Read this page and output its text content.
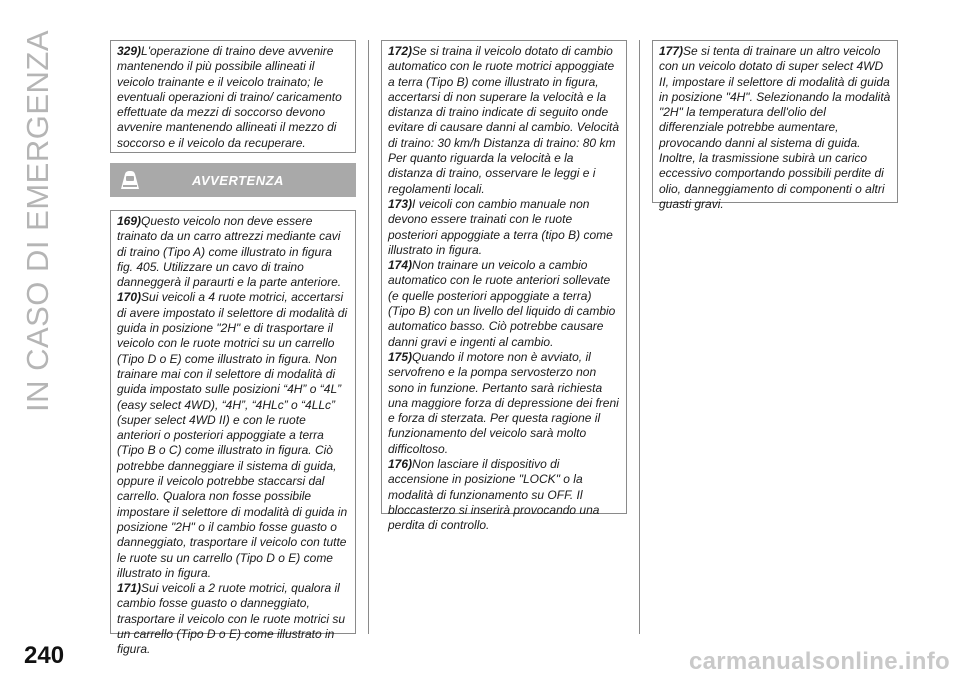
IN CASO DI EMERGENZA	329)L'operazione di traino deve avvenire mantenendo il più possibile allineati il veicolo trainante e il veicolo trainato; le eventuali operazioni di traino/ caricamento effettuate da mezzi di soccorso devono avvenire mantenendo allineati il mezzo di soccorso e il veicolo da recuperare.

AVVERTENZA

169)Questo veicolo non deve essere trainato da un carro attrezzi mediante cavi di traino (Tipo A) come illustrato in figura fig. 405. Utilizzare un cavo di traino danneggerà il paraurti e la parte anteriore.

170)Sui veicoli a 4 ruote motrici, accertarsi di avere impostato il selettore di modalità di guida in posizione "2H" e di trasportare il veicolo con le ruote motrici su un carrello (Tipo D o E) come illustrato in figura. Non trainare mai con il selettore di modalità di guida impostato sulle posizioni “4H” o “4L” (easy select 4WD), “4H”, “4HLc” o “4LLc” (super select 4WD II) e con le ruote anteriori o posteriori appoggiate a terra (Tipo B o C) come illustrato in figura. Ciò potrebbe danneggiare il sistema di guida, oppure il veicolo potrebbe staccarsi dal carrello. Qualora non fosse possibile impostare il selettore di modalità di guida in posizione "2H" o il cambio fosse guasto o danneggiato, trasportare il veicolo con tutte le ruote su un carrello (Tipo D o E) come illustrato in figura.

171)Sui veicoli a 2 ruote motrici, qualora il cambio fosse guasto o danneggiato, trasportare il veicolo con le ruote motrici su un carrello (Tipo D o E) come illustrato in figura.

172)Se si traina il veicolo dotato di cambio automatico con le ruote motrici appoggiate a terra (Tipo B) come illustrato in figura, accertarsi di non superare la velocità e la distanza di traino indicate di seguito onde evitare di causare danni al cambio. Velocità di traino: 30 km/h Distanza di traino: 80 km Per quanto riguarda la velocità e la distanza di traino, osservare le leggi e i regolamenti locali.

173)I veicoli con cambio manuale non devono essere trainati con le ruote posteriori appoggiate a terra (tipo B) come illustrato in figura.

174)Non trainare un veicolo a cambio automatico con le ruote anteriori sollevate (e quelle posteriori appoggiate a terra) (Tipo B) con un livello del liquido di cambio automatico basso. Ciò potrebbe causare danni gravi e ingenti al cambio.

175)Quando il motore non è avviato, il servofreno e la pompa servosterzo non sono in funzione. Pertanto sarà richiesta una maggiore forza di depressione dei freni e forza di sterzata. Per questa ragione il funzionamento del veicolo sarà molto difficoltoso.

176)Non lasciare il dispositivo di accensione in posizione "LOCK" o la modalità di funzionamento su OFF. Il bloccasterzo si inserirà provocando una perdita di controllo.

177)Se si tenta di trainare un altro veicolo con un veicolo dotato di super select 4WD II, impostare il selettore di modalità di guida in posizione "4H". Selezionando la modalità "2H" la temperatura dell'olio del differenziale potrebbe aumentare, provocando danni al sistema di guida. Inoltre, la trasmissione subirà un carico eccessivo comportando possibili perdite di olio, danneggiamento di componenti o altri guasti gravi.

240	carmanualsonline.info
